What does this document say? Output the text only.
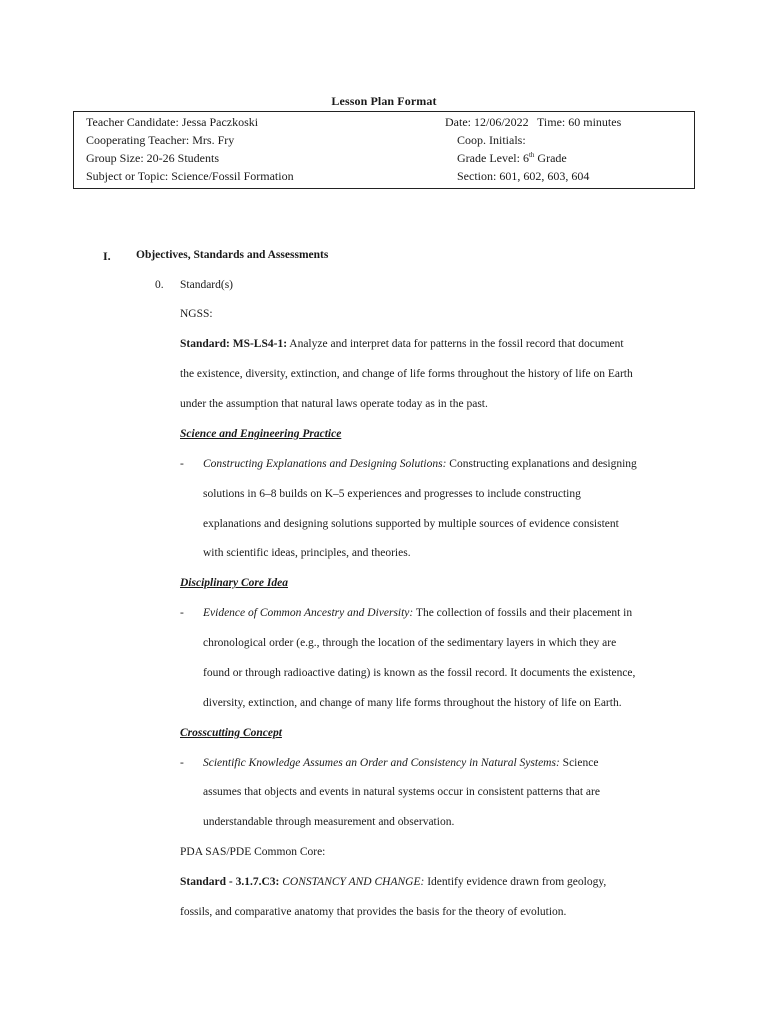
Lesson Plan Format
Teacher Candidate: Jessa Paczkoski	Date: 12/06/2022 Time: 60 minutes
Cooperating Teacher: Mrs. Fry	Coop. Initials:
Group Size: 20-26 Students	Grade Level: 6th Grade
Subject or Topic: Science/Fossil Formation	Section: 601, 602, 603, 604
I. Objectives, Standards and Assessments
0. Standard(s)
NGSS:
Standard: MS-LS4-1: Analyze and interpret data for patterns in the fossil record that document
the existence, diversity, extinction, and change of life forms throughout the history of life on Earth
under the assumption that natural laws operate today as in the past.
Science and Engineering Practice
- Constructing Explanations and Designing Solutions: Constructing explanations and designing
solutions in 6–8 builds on K–5 experiences and progresses to include constructing
explanations and designing solutions supported by multiple sources of evidence consistent
with scientific ideas, principles, and theories.
Disciplinary Core Idea
- Evidence of Common Ancestry and Diversity: The collection of fossils and their placement in
chronological order (e.g., through the location of the sedimentary layers in which they are
found or through radioactive dating) is known as the fossil record. It documents the existence,
diversity, extinction, and change of many life forms throughout the history of life on Earth.
Crosscutting Concept
- Scientific Knowledge Assumes an Order and Consistency in Natural Systems: Science
assumes that objects and events in natural systems occur in consistent patterns that are
understandable through measurement and observation.
PDA SAS/PDE Common Core:
Standard - 3.1.7.C3: CONSTANCY AND CHANGE: Identify evidence drawn from geology,
fossils, and comparative anatomy that provides the basis for the theory of evolution.
